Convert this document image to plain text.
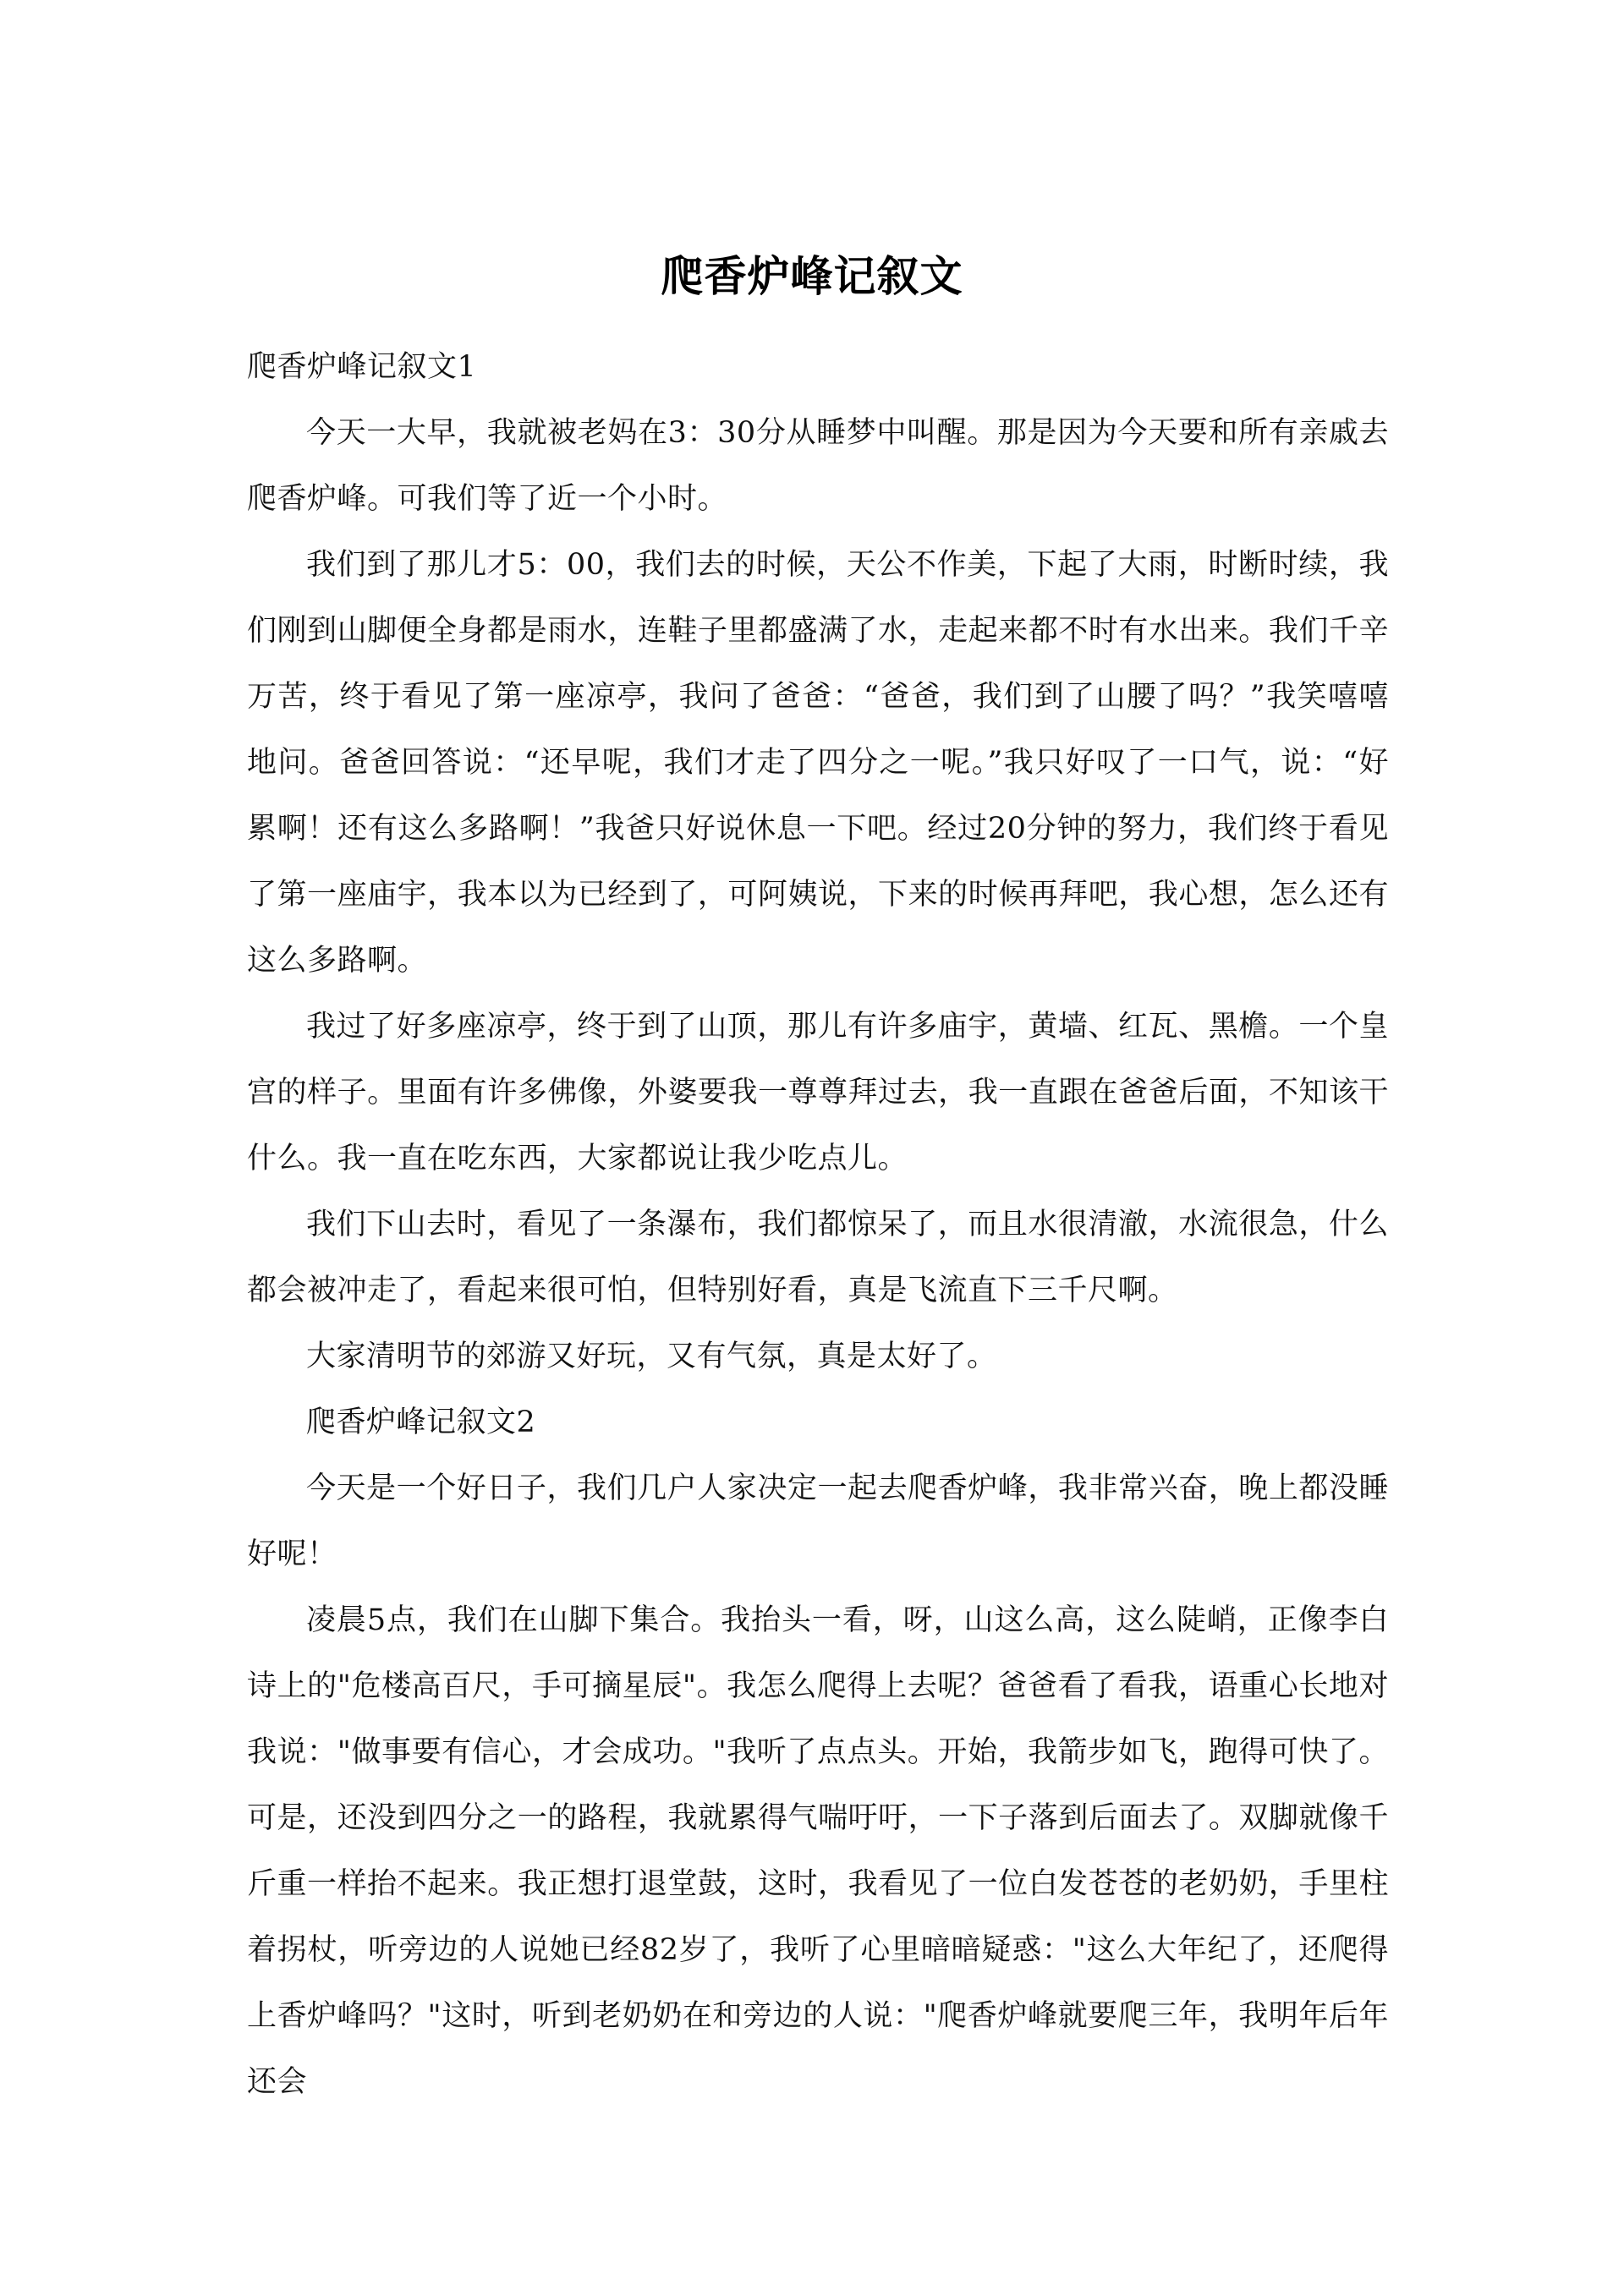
爬香炉峰记叙文

爬香炉峰记叙文1

今天一大早，我就被老妈在3：30分从睡梦中叫醒。那是因为今天要和所有亲戚去爬香炉峰。可我们等了近一个小时。

我们到了那儿才5：00，我们去的时候，天公不作美，下起了大雨，时断时续，我们刚到山脚便全身都是雨水，连鞋子里都盛满了水，走起来都不时有水出来。我们千辛万苦，终于看见了第一座凉亭，我问了爸爸：“爸爸，我们到了山腰了吗？”我笑嘻嘻地问。爸爸回答说：“还早呢，我们才走了四分之一呢。”我只好叹了一口气，说：“好累啊！还有这么多路啊！”我爸只好说休息一下吧。经过20分钟的努力，我们终于看见了第一座庙宇，我本以为已经到了，可阿姨说，下来的时候再拜吧，我心想，怎么还有这么多路啊。

我过了好多座凉亭，终于到了山顶，那儿有许多庙宇，黄墙、红瓦、黑檐。一个皇宫的样子。里面有许多佛像，外婆要我一尊尊拜过去，我一直跟在爸爸后面，不知该干什么。我一直在吃东西，大家都说让我少吃点儿。

我们下山去时，看见了一条瀑布，我们都惊呆了，而且水很清澈，水流很急，什么都会被冲走了，看起来很可怕，但特别好看，真是飞流直下三千尺啊。

大家清明节的郊游又好玩，又有气氛，真是太好了。

爬香炉峰记叙文2

今天是一个好日子，我们几户人家决定一起去爬香炉峰，我非常兴奋，晚上都没睡好呢！

凌晨5点，我们在山脚下集合。我抬头一看，呀，山这么高，这么陡峭，正像李白诗上的"危楼高百尺，手可摘星辰"。我怎么爬得上去呢？爸爸看了看我，语重心长地对我说："做事要有信心，才会成功。"我听了点点头。开始，我箭步如飞，跑得可快了。可是，还没到四分之一的路程，我就累得气喘吁吁，一下子落到后面去了。双脚就像千斤重一样抬不起来。我正想打退堂鼓，这时，我看见了一位白发苍苍的老奶奶，手里柱着拐杖，听旁边的人说她已经82岁了，我听了心里暗暗疑惑："这么大年纪了，还爬得上香炉峰吗？"这时，听到老奶奶在和旁边的人说："爬香炉峰就要爬三年，我明年后年还会
